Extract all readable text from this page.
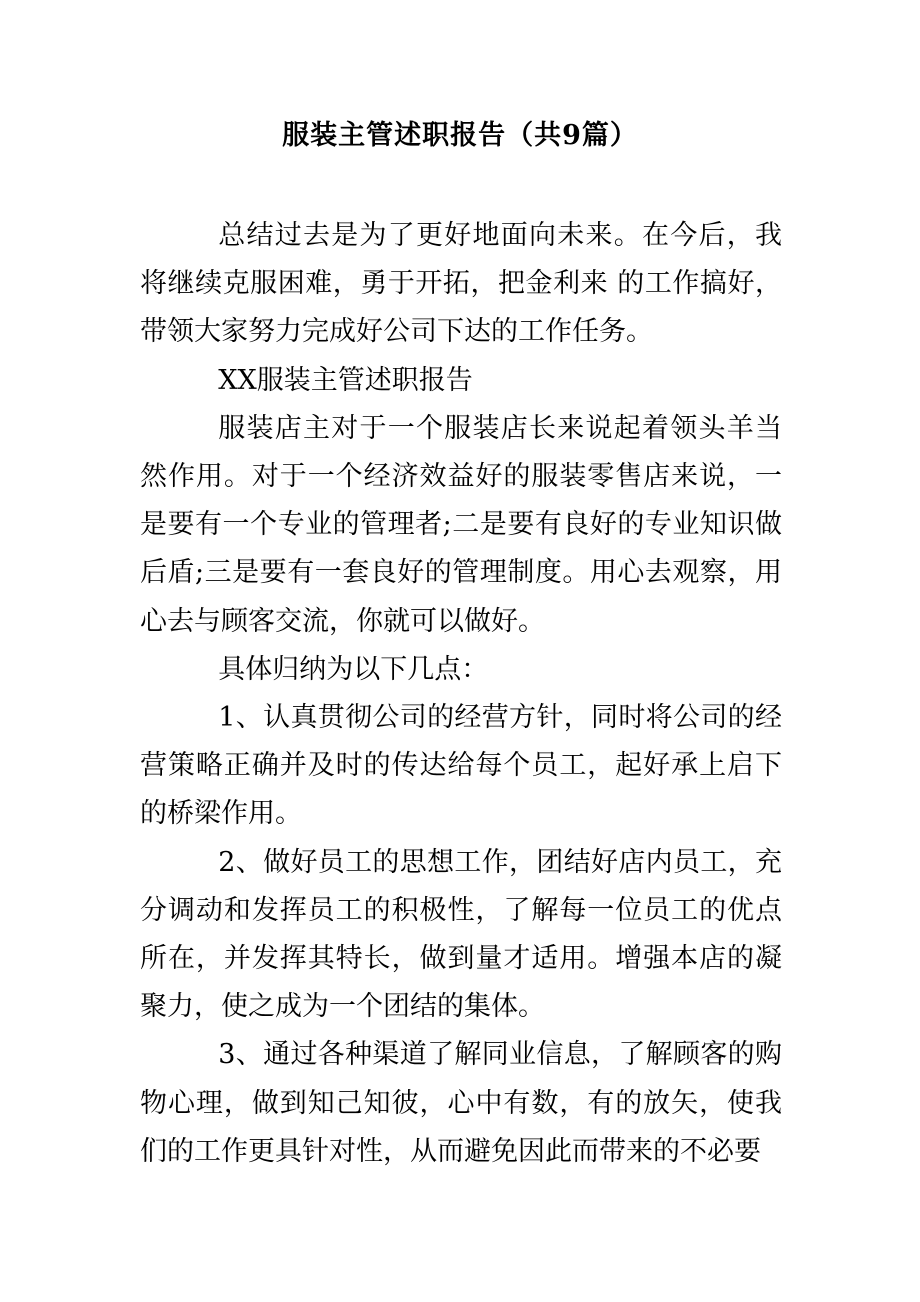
服装主管述职报告（共9篇）

总结过去是为了更好地面向未来。在今后，我将继续克服困难，勇于开拓，把金利来 的工作搞好，带领大家努力完成好公司下达的工作任务。

XX服装主管述职报告

服装店主对于一个服装店长来说起着领头羊当然作用。对于一个经济效益好的服装零售店来说，一是要有一个专业的管理者;二是要有良好的专业知识做后盾;三是要有一套良好的管理制度。用心去观察，用心去与顾客交流，你就可以做好。

具体归纳为以下几点：

1、认真贯彻公司的经营方针，同时将公司的经营策略正确并及时的传达给每个员工，起好承上启下的桥梁作用。

2、做好员工的思想工作，团结好店内员工，充分调动和发挥员工的积极性，了解每一位员工的优点所在，并发挥其特长，做到量才适用。增强本店的凝聚力，使之成为一个团结的集体。

3、通过各种渠道了解同业信息，了解顾客的购物心理，做到知己知彼，心中有数，有的放矢，使我们的工作更具针对性，从而避免因此而带来的不必要
